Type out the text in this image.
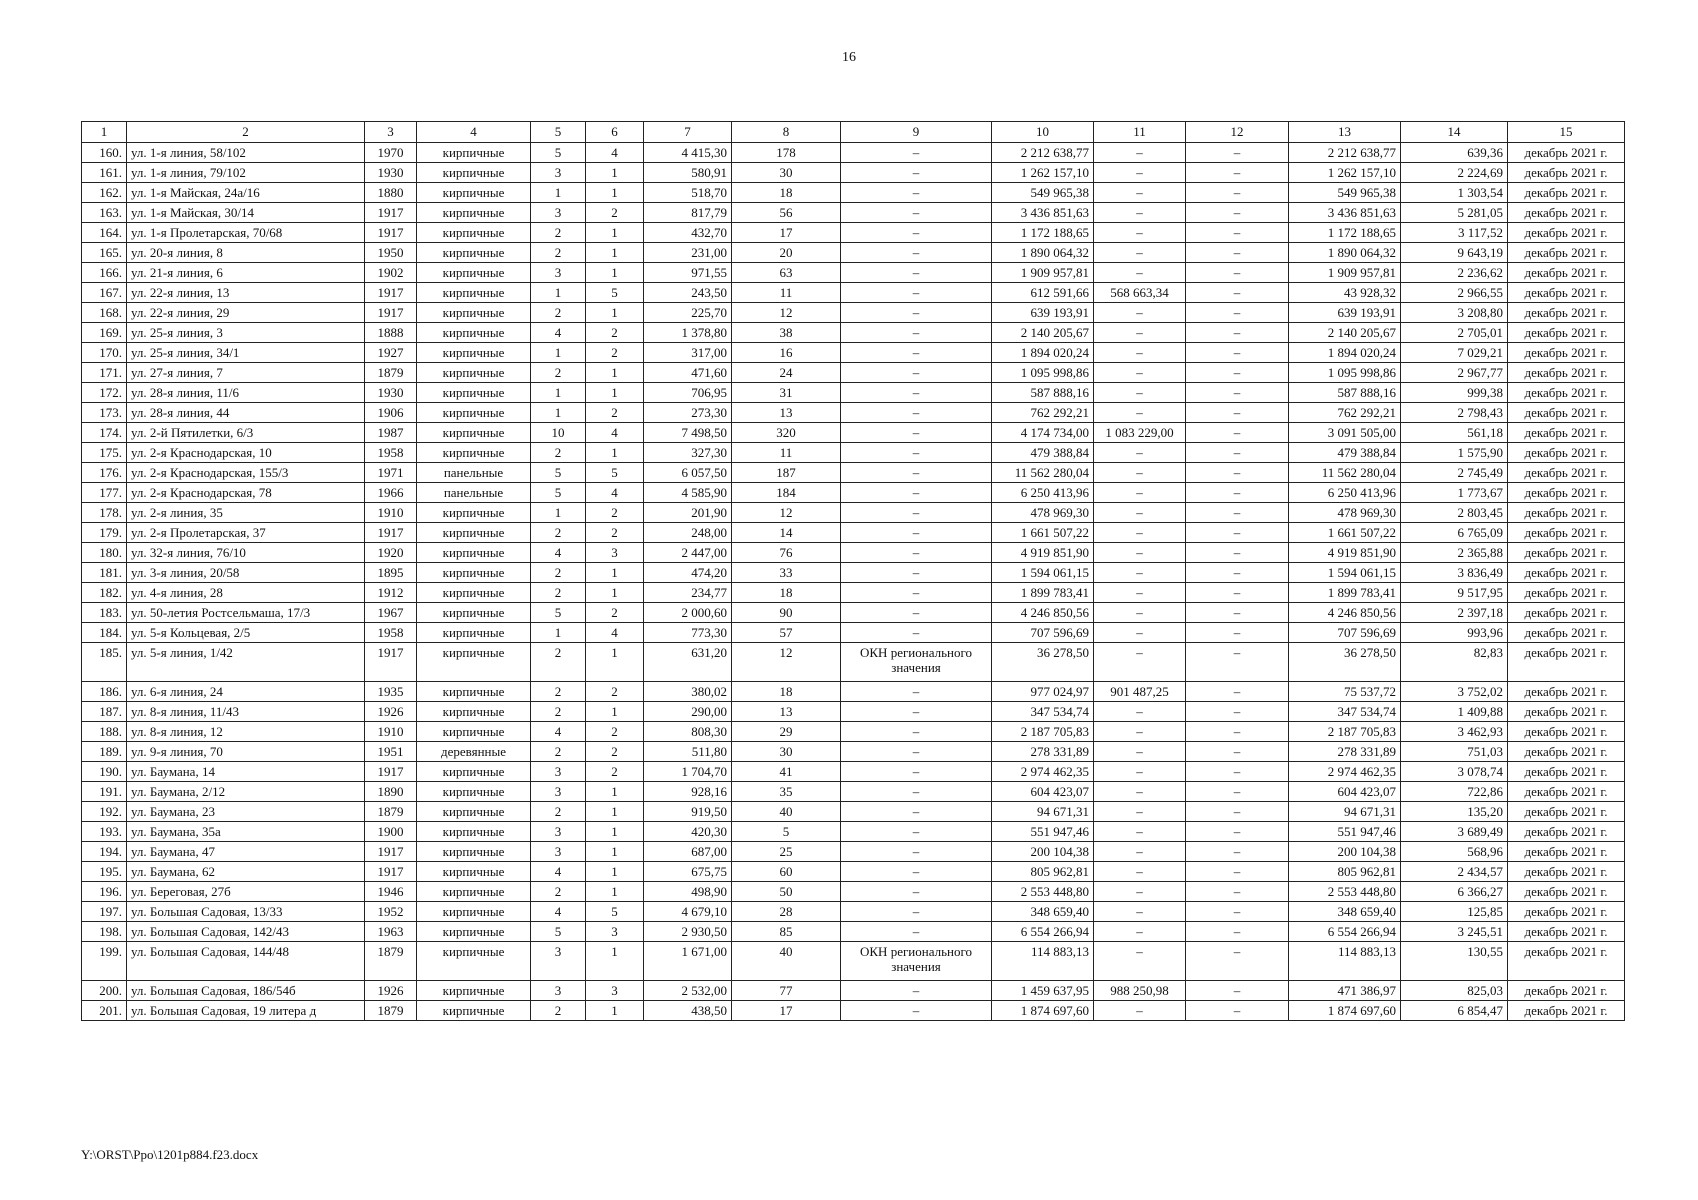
16
1	2	3	4	5	6	7	8	9	10	11	12	13	14	15
160.	ул. 1-я линия, 58/102	1970	кирпичные	5	4	4 415,30	178	–	2 212 638,77	–	–	2 212 638,77	639,36	декабрь 2021 г.
161.	ул. 1-я линия, 79/102	1930	кирпичные	3	1	580,91	30	–	1 262 157,10	–	–	1 262 157,10	2 224,69	декабрь 2021 г.
162.	ул. 1-я Майская, 24а/16	1880	кирпичные	1	1	518,70	18	–	549 965,38	–	–	549 965,38	1 303,54	декабрь 2021 г.
163.	ул. 1-я Майская, 30/14	1917	кирпичные	3	2	817,79	56	–	3 436 851,63	–	–	3 436 851,63	5 281,05	декабрь 2021 г.
164.	ул. 1-я Пролетарская, 70/68	1917	кирпичные	2	1	432,70	17	–	1 172 188,65	–	–	1 172 188,65	3 117,52	декабрь 2021 г.
165.	ул. 20-я линия, 8	1950	кирпичные	2	1	231,00	20	–	1 890 064,32	–	–	1 890 064,32	9 643,19	декабрь 2021 г.
166.	ул. 21-я линия, 6	1902	кирпичные	3	1	971,55	63	–	1 909 957,81	–	–	1 909 957,81	2 236,62	декабрь 2021 г.
167.	ул. 22-я линия, 13	1917	кирпичные	1	5	243,50	11	–	612 591,66	568 663,34	–	43 928,32	2 966,55	декабрь 2021 г.
168.	ул. 22-я линия, 29	1917	кирпичные	2	1	225,70	12	–	639 193,91	–	–	639 193,91	3 208,80	декабрь 2021 г.
169.	ул. 25-я линия, 3	1888	кирпичные	4	2	1 378,80	38	–	2 140 205,67	–	–	2 140 205,67	2 705,01	декабрь 2021 г.
170.	ул. 25-я линия, 34/1	1927	кирпичные	1	2	317,00	16	–	1 894 020,24	–	–	1 894 020,24	7 029,21	декабрь 2021 г.
171.	ул. 27-я линия, 7	1879	кирпичные	2	1	471,60	24	–	1 095 998,86	–	–	1 095 998,86	2 967,77	декабрь 2021 г.
172.	ул. 28-я линия, 11/6	1930	кирпичные	1	1	706,95	31	–	587 888,16	–	–	587 888,16	999,38	декабрь 2021 г.
173.	ул. 28-я линия, 44	1906	кирпичные	1	2	273,30	13	–	762 292,21	–	–	762 292,21	2 798,43	декабрь 2021 г.
174.	ул. 2-й Пятилетки, 6/3	1987	кирпичные	10	4	7 498,50	320	–	4 174 734,00	1 083 229,00	–	3 091 505,00	561,18	декабрь 2021 г.
175.	ул. 2-я Краснодарская, 10	1958	кирпичные	2	1	327,30	11	–	479 388,84	–	–	479 388,84	1 575,90	декабрь 2021 г.
176.	ул. 2-я Краснодарская, 155/3	1971	панельные	5	5	6 057,50	187	–	11 562 280,04	–	–	11 562 280,04	2 745,49	декабрь 2021 г.
177.	ул. 2-я Краснодарская, 78	1966	панельные	5	4	4 585,90	184	–	6 250 413,96	–	–	6 250 413,96	1 773,67	декабрь 2021 г.
178.	ул. 2-я линия, 35	1910	кирпичные	1	2	201,90	12	–	478 969,30	–	–	478 969,30	2 803,45	декабрь 2021 г.
179.	ул. 2-я Пролетарская, 37	1917	кирпичные	2	2	248,00	14	–	1 661 507,22	–	–	1 661 507,22	6 765,09	декабрь 2021 г.
180.	ул. 32-я линия, 76/10	1920	кирпичные	4	3	2 447,00	76	–	4 919 851,90	–	–	4 919 851,90	2 365,88	декабрь 2021 г.
181.	ул. 3-я линия, 20/58	1895	кирпичные	2	1	474,20	33	–	1 594 061,15	–	–	1 594 061,15	3 836,49	декабрь 2021 г.
182.	ул. 4-я линия, 28	1912	кирпичные	2	1	234,77	18	–	1 899 783,41	–	–	1 899 783,41	9 517,95	декабрь 2021 г.
183.	ул. 50-летия Ростсельмаша, 17/3	1967	кирпичные	5	2	2 000,60	90	–	4 246 850,56	–	–	4 246 850,56	2 397,18	декабрь 2021 г.
184.	ул. 5-я Кольцевая, 2/5	1958	кирпичные	1	4	773,30	57	–	707 596,69	–	–	707 596,69	993,96	декабрь 2021 г.
185.	ул. 5-я линия, 1/42	1917	кирпичные	2	1	631,20	12	ОКН регионального значения	36 278,50	–	–	36 278,50	82,83	декабрь 2021 г.
186.	ул. 6-я линия, 24	1935	кирпичные	2	2	380,02	18	–	977 024,97	901 487,25	–	75 537,72	3 752,02	декабрь 2021 г.
187.	ул. 8-я линия, 11/43	1926	кирпичные	2	1	290,00	13	–	347 534,74	–	–	347 534,74	1 409,88	декабрь 2021 г.
188.	ул. 8-я линия, 12	1910	кирпичные	4	2	808,30	29	–	2 187 705,83	–	–	2 187 705,83	3 462,93	декабрь 2021 г.
189.	ул. 9-я линия, 70	1951	деревянные	2	2	511,80	30	–	278 331,89	–	–	278 331,89	751,03	декабрь 2021 г.
190.	ул. Баумана, 14	1917	кирпичные	3	2	1 704,70	41	–	2 974 462,35	–	–	2 974 462,35	3 078,74	декабрь 2021 г.
191.	ул. Баумана, 2/12	1890	кирпичные	3	1	928,16	35	–	604 423,07	–	–	604 423,07	722,86	декабрь 2021 г.
192.	ул. Баумана, 23	1879	кирпичные	2	1	919,50	40	–	94 671,31	–	–	94 671,31	135,20	декабрь 2021 г.
193.	ул. Баумана, 35а	1900	кирпичные	3	1	420,30	5	–	551 947,46	–	–	551 947,46	3 689,49	декабрь 2021 г.
194.	ул. Баумана, 47	1917	кирпичные	3	1	687,00	25	–	200 104,38	–	–	200 104,38	568,96	декабрь 2021 г.
195.	ул. Баумана, 62	1917	кирпичные	4	1	675,75	60	–	805 962,81	–	–	805 962,81	2 434,57	декабрь 2021 г.
196.	ул. Береговая, 27б	1946	кирпичные	2	1	498,90	50	–	2 553 448,80	–	–	2 553 448,80	6 366,27	декабрь 2021 г.
197.	ул. Большая Садовая, 13/33	1952	кирпичные	4	5	4 679,10	28	–	348 659,40	–	–	348 659,40	125,85	декабрь 2021 г.
198.	ул. Большая Садовая, 142/43	1963	кирпичные	5	3	2 930,50	85	–	6 554 266,94	–	–	6 554 266,94	3 245,51	декабрь 2021 г.
199.	ул. Большая Садовая, 144/48	1879	кирпичные	3	1	1 671,00	40	ОКН регионального значения	114 883,13	–	–	114 883,13	130,55	декабрь 2021 г.
200.	ул. Большая Садовая, 186/54б	1926	кирпичные	3	3	2 532,00	77	–	1 459 637,95	988 250,98	–	471 386,97	825,03	декабрь 2021 г.
201.	ул. Большая Садовая, 19 литера д	1879	кирпичные	2	1	438,50	17	–	1 874 697,60	–	–	1 874 697,60	6 854,47	декабрь 2021 г.
Y:\ORST\Ppo\1201p884.f23.docx
